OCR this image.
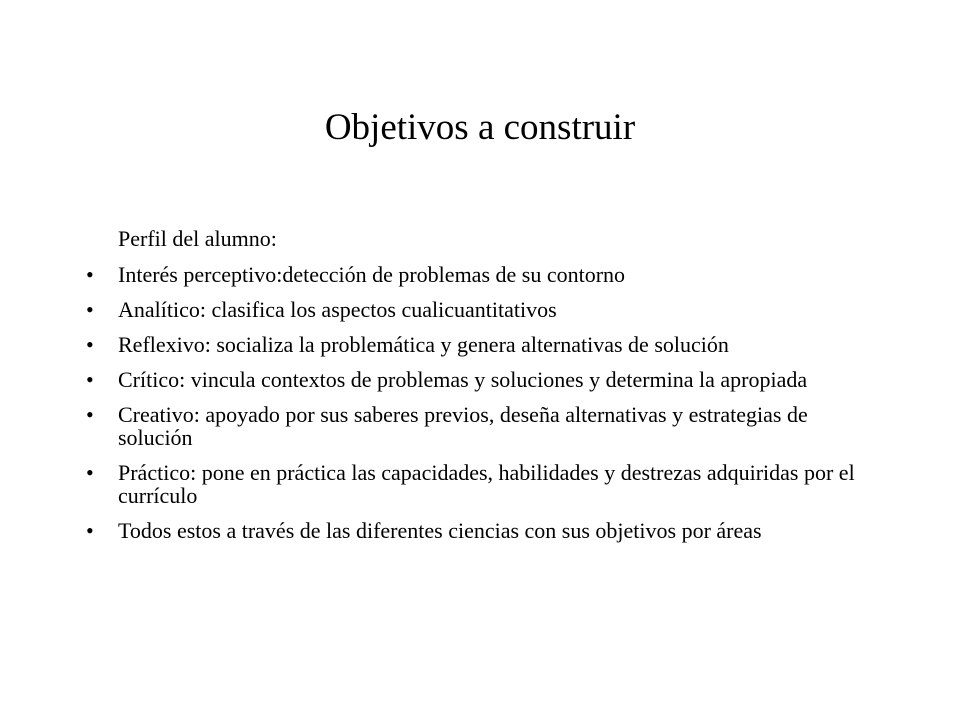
Objetivos a construir
Perfil del alumno:
•	Interés perceptivo:detección de problemas de su contorno
•	Analítico: clasifica los aspectos cualicuantitativos
•	Reflexivo: socializa la problemática y genera alternativas de solución
•	Crítico: vincula contextos de problemas y soluciones y determina la apropiada
•	Creativo: apoyado por sus saberes previos, deseña alternativas y estrategias de solución
•	Práctico: pone en práctica las capacidades, habilidades y destrezas adquiridas por el currículo
•	Todos estos a través de las diferentes ciencias con sus objetivos por áreas
